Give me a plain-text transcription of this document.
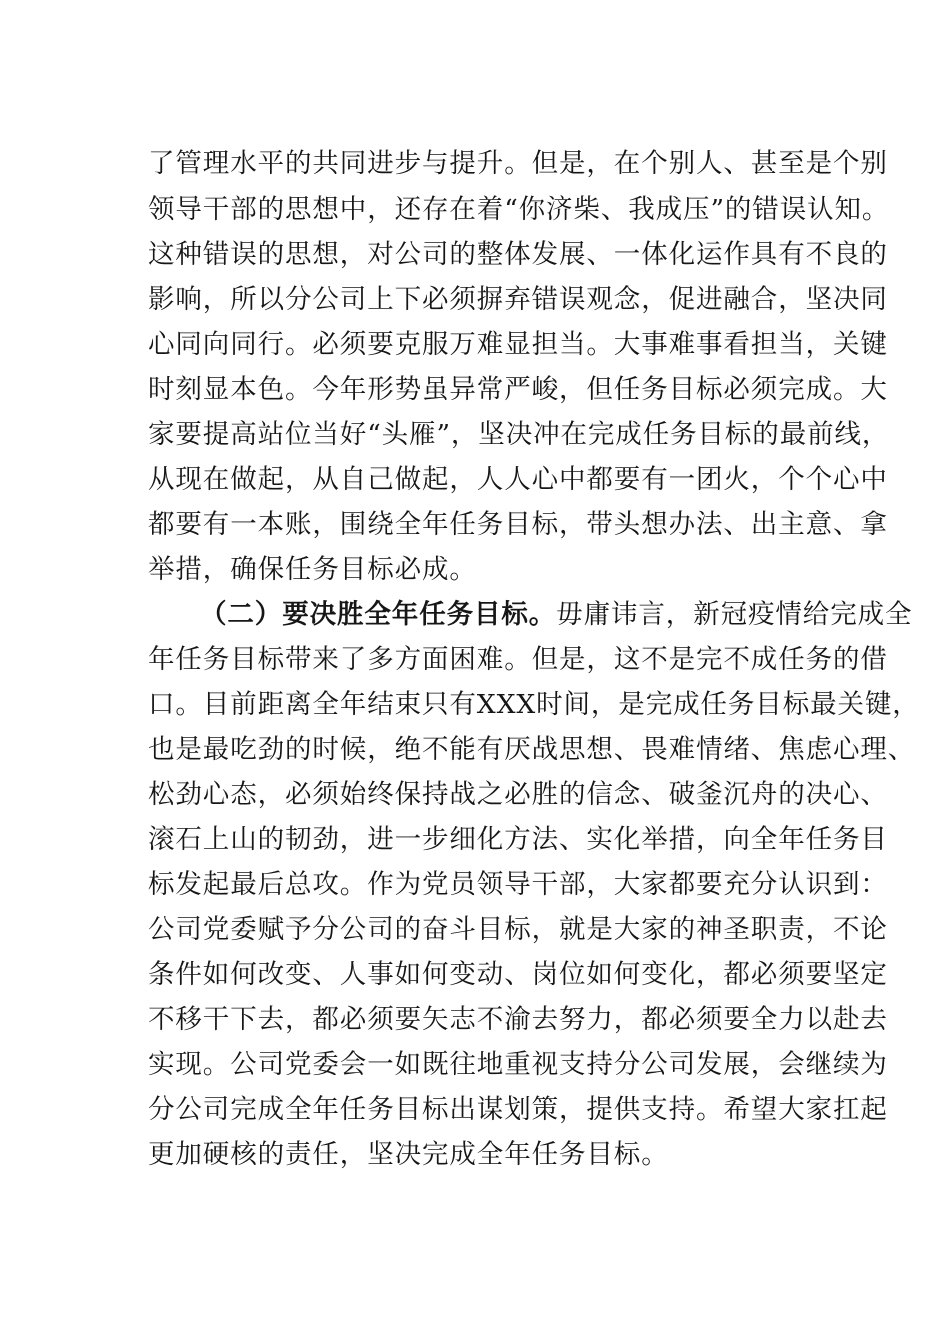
了管理水平的共同进步与提升。但是，在个别人、甚至是个别
领导干部的思想中，还存在着“你济柴、我成压”的错误认知。
这种错误的思想，对公司的整体发展、一体化运作具有不良的
影响，所以分公司上下必须摒弃错误观念，促进融合，坚决同
心同向同行。必须要克服万难显担当。大事难事看担当，关键
时刻显本色。今年形势虽异常严峻，但任务目标必须完成。大
家要提高站位当好“头雁”，坚决冲在完成任务目标的最前线，
从现在做起，从自己做起，人人心中都要有一团火，个个心中
都要有一本账，围绕全年任务目标，带头想办法、出主意、拿
举措，确保任务目标必成。
（二）要决胜全年任务目标。毋庸讳言，新冠疫情给完成全
年任务目标带来了多方面困难。但是，这不是完不成任务的借
口。目前距离全年结束只有XXX时间，是完成任务目标最关键，
也是最吃劲的时候，绝不能有厌战思想、畏难情绪、焦虑心理、
松劲心态，必须始终保持战之必胜的信念、破釜沉舟的决心、
滚石上山的韧劲，进一步细化方法、实化举措，向全年任务目
标发起最后总攻。作为党员领导干部，大家都要充分认识到：
公司党委赋予分公司的奋斗目标，就是大家的神圣职责，不论
条件如何改变、人事如何变动、岗位如何变化，都必须要坚定
不移干下去，都必须要矢志不渝去努力，都必须要全力以赴去
实现。公司党委会一如既往地重视支持分公司发展，会继续为
分公司完成全年任务目标出谋划策，提供支持。希望大家扛起
更加硬核的责任，坚决完成全年任务目标。
